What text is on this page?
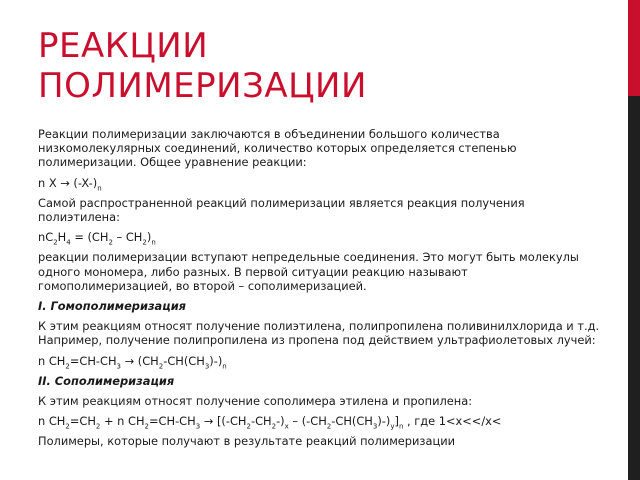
РЕАКЦИИ
ПОЛИМЕРИЗАЦИИ

Реакции полимеризации заключаются в объединении большого количества низкомолекулярных соединений, количество которых определяется степенью полимеризации. Общее уравнение реакции:

n $X \to (-X-)_n$

Самой распространенной реакций полимеризации является реакция получения полиэтилена:

$nC_2H_4 = (CH_2 - CH_2)_n$

реакции полимеризации вступают непредельные соединения. Это могут быть молекулы одного мономера, либо разных. В первой ситуации реакцию называют гомополимеризацией, во второй – сополимеризацией.

I. Гомополимеризация

К этим реакциям относят получение полиэтилена, полипропилена поливинилхлорида и т.д. Например, получение полипропилена из пропена под действием ультрафиолетовых лучей:

n $CH_2=CH-CH_3 \to (CH_2-CH(CH_3)-)_n$

II. Сополимеризация

К этим реакциям относят получение сополимера этилена и пропилена:

n $CH_2=CH_2 + n$ $CH_2=CH-CH_3 \to [(-CH_2-CH_2-)_x - (-CH_2-CH(CH_3)-)_y]_n$ , где 1<x<</x<

Полимеры, которые получают в результате реакций полимеризации
